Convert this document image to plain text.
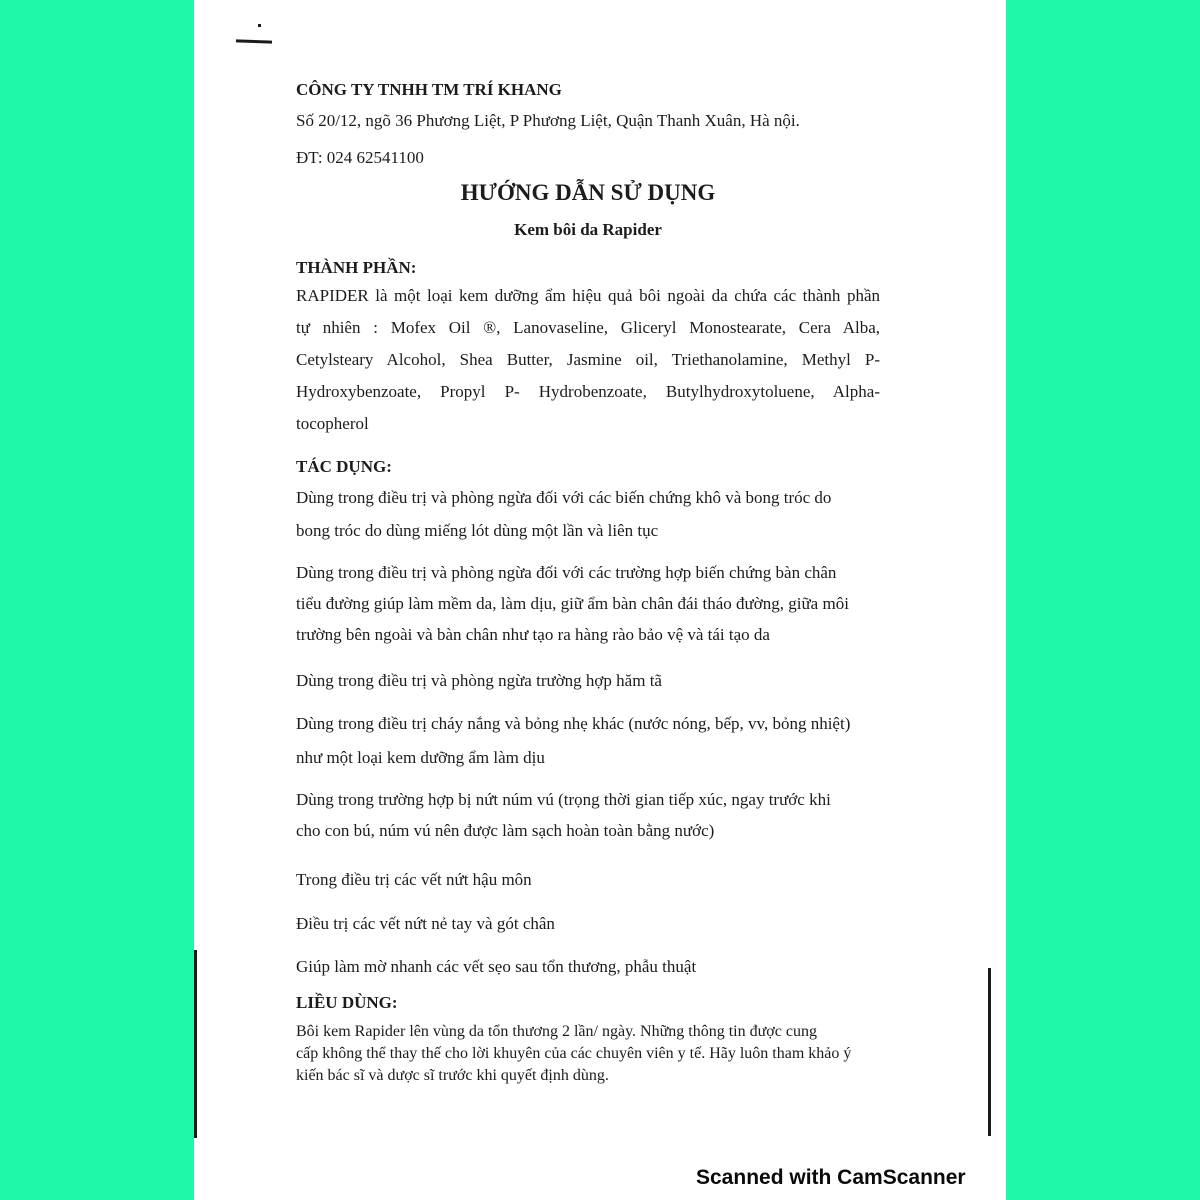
CÔNG TY TNHH TM TRÍ KHANG
Số 20/12, ngõ 36 Phương Liệt, P Phương Liệt, Quận Thanh Xuân, Hà nội.
ĐT: 024 62541100
HƯỚNG DẪN SỬ DỤNG
Kem bôi da Rapider
THÀNH PHẦN:
RAPIDER là một loại kem dưỡng ẩm hiệu quả bôi ngoài da chứa các thành phần
tự nhiên : Mofex Oil ®, Lanovaseline, Gliceryl Monostearate, Cera Alba,
Cetylsteary Alcohol, Shea Butter, Jasmine oil, Triethanolamine, Methyl P-
Hydroxybenzoate, Propyl P- Hydrobenzoate, Butylhydroxytoluene, Alpha-
tocopherol
TÁC DỤNG:
Dùng trong điều trị và phòng ngừa đối với các biến chứng khô và bong tróc do
bong tróc do dùng miếng lót dùng một lần và liên tục
Dùng trong điều trị và phòng ngừa đối với các trường hợp biến chứng bàn chân
tiểu đường giúp làm mềm da, làm dịu, giữ ẩm bàn chân đái tháo đường, giữa môi
trường bên ngoài và bàn chân như tạo ra hàng rào bảo vệ và tái tạo da
Dùng trong điều trị và phòng ngừa trường hợp hăm tã
Dùng trong điều trị cháy nắng và bỏng nhẹ khác (nước nóng, bếp, vv, bỏng nhiệt)
như một loại kem dưỡng ẩm làm dịu
Dùng trong trường hợp bị nứt núm vú (trọng thời gian tiếp xúc, ngay trước khi
cho con bú, núm vú nên được làm sạch hoàn toàn bằng nước)
Trong điều trị các vết nứt hậu môn
Điều trị các vết nứt nẻ tay và gót chân
Giúp làm mờ nhanh các vết sẹo sau tổn thương, phẫu thuật
LIỀU DÙNG:
Bôi kem Rapider lên vùng da tổn thương 2 lần/ ngày. Những thông tin được cung
cấp không thể thay thế cho lời khuyên của các chuyên viên y tế. Hãy luôn tham khảo ý
kiến bác sĩ và dược sĩ trước khi quyết định dùng.
Scanned with CamScanner
